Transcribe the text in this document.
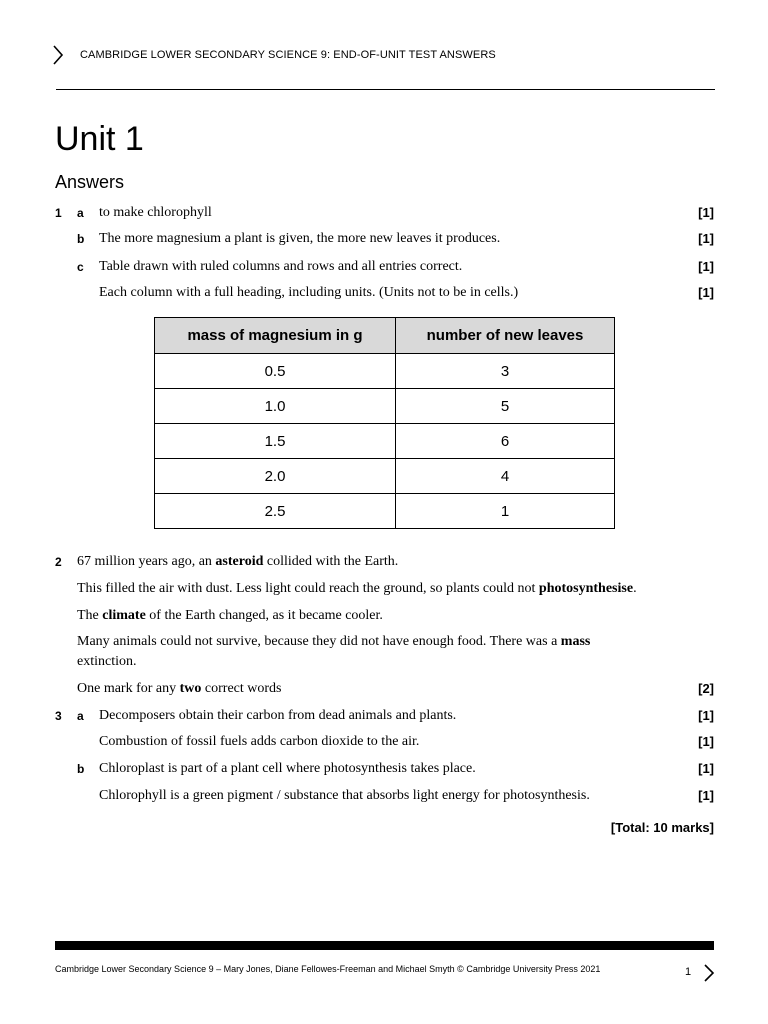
CAMBRIDGE LOWER SECONDARY SCIENCE 9: END-OF-UNIT TEST ANSWERS
Unit 1
Answers
1 a to make chlorophyll	[1]
b The more magnesium a plant is given, the more new leaves it produces.	[1]
c Table drawn with ruled columns and rows and all entries correct.	[1]
Each column with a full heading, including units. (Units not to be in cells.)	[1]
mass of magnesium in g	number of new leaves
0.5	3
1.0	5
1.5	6
2.0	4
2.5	1
2 67 million years ago, an asteroid collided with the Earth.
This filled the air with dust. Less light could reach the ground, so plants could not photosynthesise.
The climate of the Earth changed, as it became cooler.
Many animals could not survive, because they did not have enough food. There was a mass
extinction.
One mark for any two correct words	[2]
3 a Decomposers obtain their carbon from dead animals and plants.	[1]
Combustion of fossil fuels adds carbon dioxide to the air.	[1]
b Chloroplast is part of a plant cell where photosynthesis takes place.	[1]
Chlorophyll is a green pigment / substance that absorbs light energy for photosynthesis.	[1]
[Total: 10 marks]
Cambridge Lower Secondary Science 9 – Mary Jones, Diane Fellowes-Freeman and Michael Smyth © Cambridge University Press 2021	1
